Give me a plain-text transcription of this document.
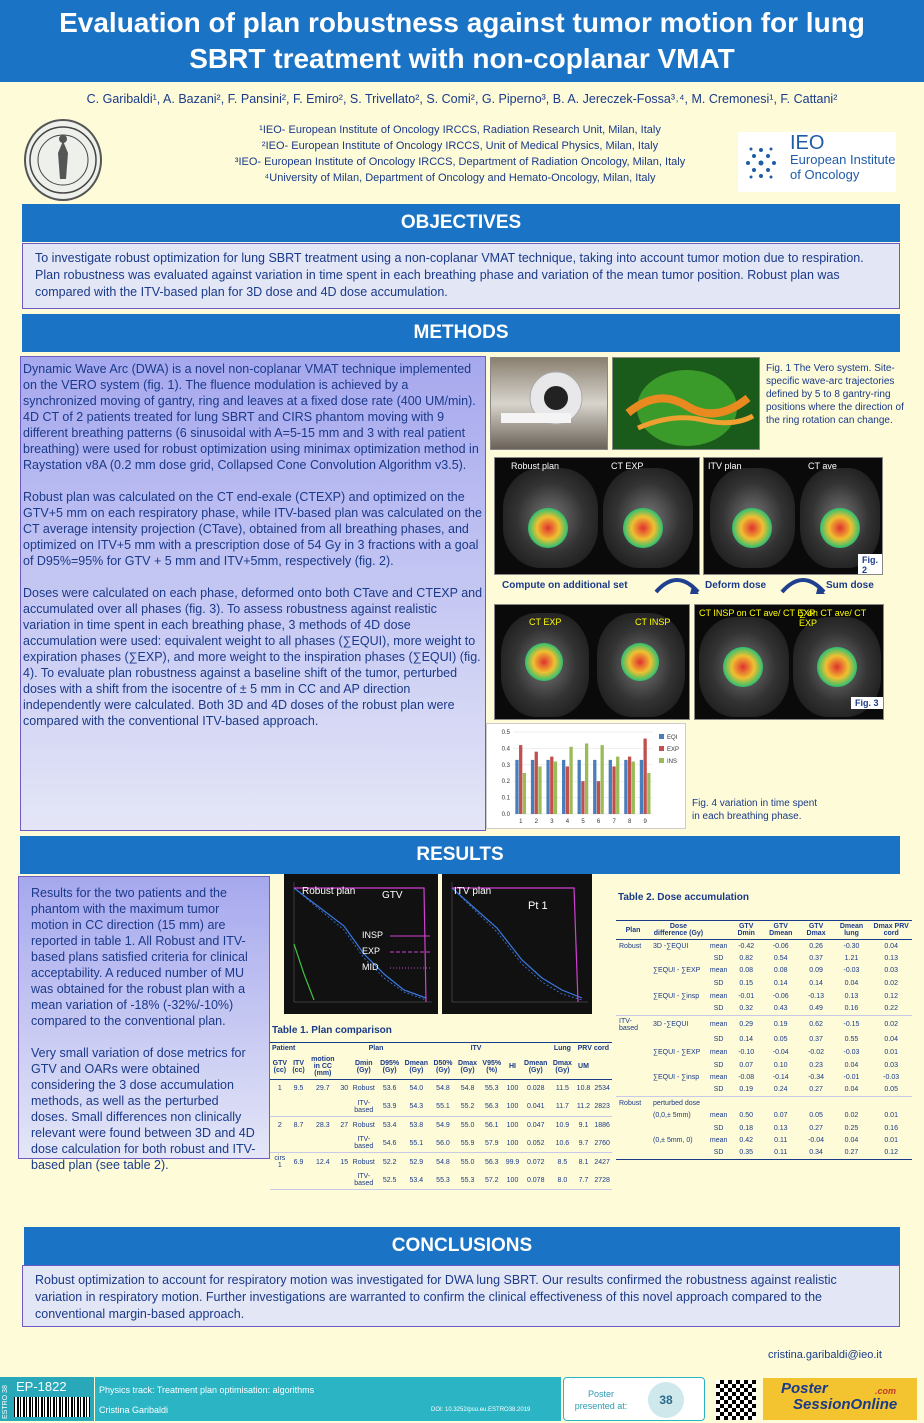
Evaluation of plan robustness against tumor motion for lung
SBRT treatment with non-coplanar VMAT
C. Garibaldi¹, A. Bazani², F. Pansini², F. Emiro², S. Trivellato², S. Comi², G. Piperno³, B. A. Jereczek-Fossa³˒⁴, M. Cremonesi¹, F. Cattani²
¹IEO- European Institute of Oncology IRCCS, Radiation Research Unit, Milan, Italy
²IEO- European Institute of Oncology IRCCS, Unit of Medical Physics, Milan, Italy
³IEO- European Institute of Oncology IRCCS, Department of Radiation Oncology, Milan, Italy
⁴University of Milan, Department of Oncology and Hemato-Oncology, Milan, Italy
IEO
European Institute
of Oncology
OBJECTIVES
To investigate robust optimization for lung SBRT treatment using a non-coplanar VMAT technique, taking into account tumor motion due to respiration. Plan robustness was evaluated against variation in time spent in each breathing phase and variation of the mean tumor position. Robust plan was compared with the ITV-based plan for 3D dose and 4D dose accumulation.
METHODS

Dynamic Wave Arc (DWA) is a novel non-coplanar VMAT technique implemented on the VERO system (fig. 1). The fluence modulation is achieved by a synchronized moving of gantry, ring and leaves at a fixed dose rate (400 UM/min). 4D CT of 2 patients treated for lung SBRT and CIRS phantom moving with 9 different breathing patterns (6 sinusoidal with A=5-15 mm and 3 with real patient breathing) were used for robust optimization using minimax optimization method in Raystation v8A (0.2 mm dose grid, Collapsed Cone Convolution Algorithm v3.5).

Robust plan was calculated on the CT end-exale (CTEXP) and optimized on the GTV+5 mm on each respiratory phase, while ITV-based plan was calculated on the CT average intensity projection (CTave), obtained from all breathing phases, and optimized on ITV+5 mm with a prescription dose of 54 Gy in 3 fractions with a goal of D95%=95% for GTV + 5 mm and ITV+5mm, respectively (fig. 2).

Doses were calculated on each phase, deformed onto both CTave and CTEXP and accumulated over all phases (fig. 3). To assess robustness against realistic variation in time spent in each breathing phase, 3 methods of 4D dose accumulation were used: equivalent weight to all phases (∑EQUI), more weight to expiration phases (∑EXP), and more weight to the inspiration phases (∑EQUI) (fig. 4). To evaluate plan robustness against a baseline shift of the tumor, perturbed doses with a shift from the isocentre of ± 5 mm in CC and AP direction independently were calculated. Both 3D and 4D doses of the robust plan were compared with the conventional ITV-based approach.

Fig. 1 The Vero system. Site-specific wave-arc trajectories defined by 5 to 8 gantry-ring positions where the direction of the ring rotation can change.
Robust plan	CT EXP	ITV plan	CT ave
Fig. 2
Compute on additional set	Deform dose	Sum dose
CT EXP	CT INSP
CT INSP on CT ave/ CT EXP
∑ on CT ave/ CT EXP
Fig. 3
0.0
0.1
0.2
0.3
0.4
0.5
1 2 3 4 5 6 7 8 9
EQI
EXP
INS
Fig. 4 variation in time spent in each breathing phase.
RESULTS

Results for the two patients and the phantom with the maximum tumor motion in CC direction (15 mm) are reported in table 1. All Robust and ITV-based plans satisfied criteria for clinical acceptability. A reduced number of MU was obtained for the robust plan with a mean variation of -18% (-32%/-10%) compared to the conventional plan.

Very small variation of dose metrics for GTV and OARs were obtained considering the 3 dose accumulation methods, as well as the perturbed doses. Small differences non clinically relevant were found between 3D and 4D dose calculation for both robust and ITV-based plan (see table 2).

Robust plan	GTV
INSP
EXP
MID
ITV plan
Pt 1
Table 1. Plan comparison
Patient				Plan		ITV						Lung	PRV cord	
GTV (cc)	ITV (cc)	motion in CC (mm)		Dmin (Gy)	D95% (Gy)	Dmean (Gy)	D50% (Gy)	Dmax (Gy)	V95% (%)	HI	Dmean (Gy)	Dmax (Gy)	UM	
1	9.5	29.7	30	Robust	53.6	54.0	54.8	54.8	55.3	100	0.028	11.5	10.8	2534
				ITV-based	53.9	54.3	55.1	55.2	56.3	100	0.041	11.7	11.2	2823
2	8.7	28.3	27	Robust	53.4	53.8	54.9	55.0	56.1	100	0.047	10.9	9.1	1886
				ITV-based	54.6	55.1	56.0	55.9	57.9	100	0.052	10.6	9.7	2760
cirs 1	6.9	12.4	15	Robust	52.2	52.9	54.8	55.0	56.3	99.9	0.072	8.5	8.1	2427
				ITV-based	52.5	53.4	55.3	55.3	57.2	100	0.078	8.0	7.7	2728
Table 2. Dose accumulation
Plan	Dose difference (Gy)		GTV Dmin	GTV Dmean	GTV Dmax	Dmean lung	Dmax PRV cord
Robust	3D -∑EQUI	mean	-0.42	-0.06	0.26	-0.30	0.04
		SD	0.82	0.54	0.37	1.21	0.13
	∑EQUI - ∑EXP	mean	0.08	0.08	0.09	-0.03	0.03
		SD	0.15	0.14	0.14	0.04	0.02
	∑EQUI - ∑insp	mean	-0.01	-0.06	-0.13	0.13	0.12
		SD	0.32	0.43	0.49	0.16	0.22
ITV- based	3D -∑EQUI	mean	0.29	0.19	0.62	-0.15	0.02
		SD	0.14	0.05	0.37	0.55	0.04
	∑EQUI - ∑EXP	mean	-0.10	-0.04	-0.02	-0.03	0.01
		SD	0.07	0.10	0.23	0.04	0.03
	∑EQUI - ∑insp	mean	-0.08	-0.14	-0.34	-0.01	-0.03
		SD	0.19	0.24	0.27	0.04	0.05
Robust	perturbed dose						
	(0,0,± 5mm)	mean	0.50	0.07	0.05	0.02	0.01
		SD	0.18	0.13	0.27	0.25	0.16
	(0,± 5mm, 0)	mean	0.42	0.11	-0.04	0.04	0.01
		SD	0.35	0.11	0.34	0.27	0.12
CONCLUSIONS
Robust optimization to account for respiratory motion was investigated for DWA lung SBRT. Our results confirmed the robustness against realistic variation in respiratory motion. Further investigations are warranted to confirm the clinical effectiveness of this novel approach compared to the conventional margin-based approach.
cristina.garibaldi@ieo.it
ESTRO 38 EP-1822	Physics track: Treatment plan optimisation: algorithms
Cristina Garibaldi	DOI: 10.3252/pso.eu.ESTRO38.2019
Poster
presented at:	38
Poster
SessionOnline
.com
